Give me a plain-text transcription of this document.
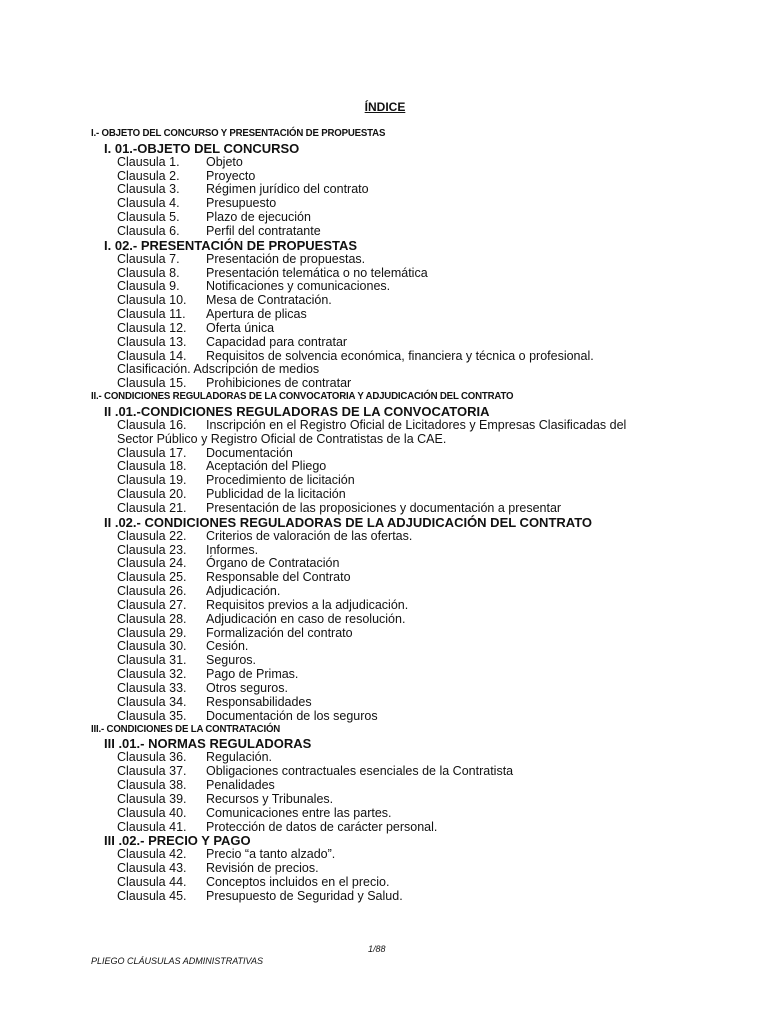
ÍNDICE
I.- OBJETO DEL CONCURSO Y PRESENTACIÓN DE PROPUESTAS
I. 01.-OBJETO DEL CONCURSO
Clausula 1. Objeto
Clausula 2. Proyecto
Clausula 3. Régimen jurídico del contrato
Clausula 4. Presupuesto
Clausula 5. Plazo de ejecución
Clausula 6. Perfil del contratante
I. 02.- PRESENTACIÓN DE PROPUESTAS
Clausula 7. Presentación de propuestas.
Clausula 8. Presentación telemática o no telemática
Clausula 9. Notificaciones y comunicaciones.
Clausula 10. Mesa de Contratación.
Clausula 11. Apertura de plicas
Clausula 12. Oferta única
Clausula 13. Capacidad para contratar
Clausula 14. Requisitos de solvencia económica, financiera y técnica o profesional.
Clasificación. Adscripción de medios
Clausula 15. Prohibiciones de contratar
II.- CONDICIONES REGULADORAS DE LA CONVOCATORIA Y ADJUDICACIÓN DEL CONTRATO
II .01.-CONDICIONES REGULADORAS DE LA CONVOCATORIA
Clausula 16. Inscripción en el Registro Oficial de Licitadores y Empresas Clasificadas del
Sector Público y Registro Oficial de Contratistas de la CAE.
Clausula 17. Documentación
Clausula 18. Aceptación del Pliego
Clausula 19. Procedimiento de licitación
Clausula 20. Publicidad de la licitación
Clausula 21. Presentación de las proposiciones y documentación a presentar
II .02.- CONDICIONES REGULADORAS DE LA ADJUDICACIÓN DEL CONTRATO
Clausula 22. Criterios de valoración de las ofertas.
Clausula 23. Informes.
Clausula 24. Órgano de Contratación
Clausula 25. Responsable del Contrato
Clausula 26. Adjudicación.
Clausula 27. Requisitos previos a la adjudicación.
Clausula 28. Adjudicación en caso de resolución.
Clausula 29. Formalización del contrato
Clausula 30. Cesión.
Clausula 31. Seguros.
Clausula 32. Pago de Primas.
Clausula 33. Otros seguros.
Clausula 34. Responsabilidades
Clausula 35. Documentación de los seguros
III.- CONDICIONES DE LA CONTRATACIÓN
III .01.- NORMAS REGULADORAS
Clausula 36. Regulación.
Clausula 37. Obligaciones contractuales esenciales de la Contratista
Clausula 38. Penalidades
Clausula 39. Recursos y Tribunales.
Clausula 40. Comunicaciones entre las partes.
Clausula 41. Protección de datos de carácter personal.
III .02.- PRECIO Y PAGO
Clausula 42. Precio “a tanto alzado”.
Clausula 43. Revisión de precios.
Clausula 44. Conceptos incluidos en el precio.
Clausula 45. Presupuesto de Seguridad y Salud.
1/88
PLIEGO CLÁUSULAS ADMINISTRATIVAS
